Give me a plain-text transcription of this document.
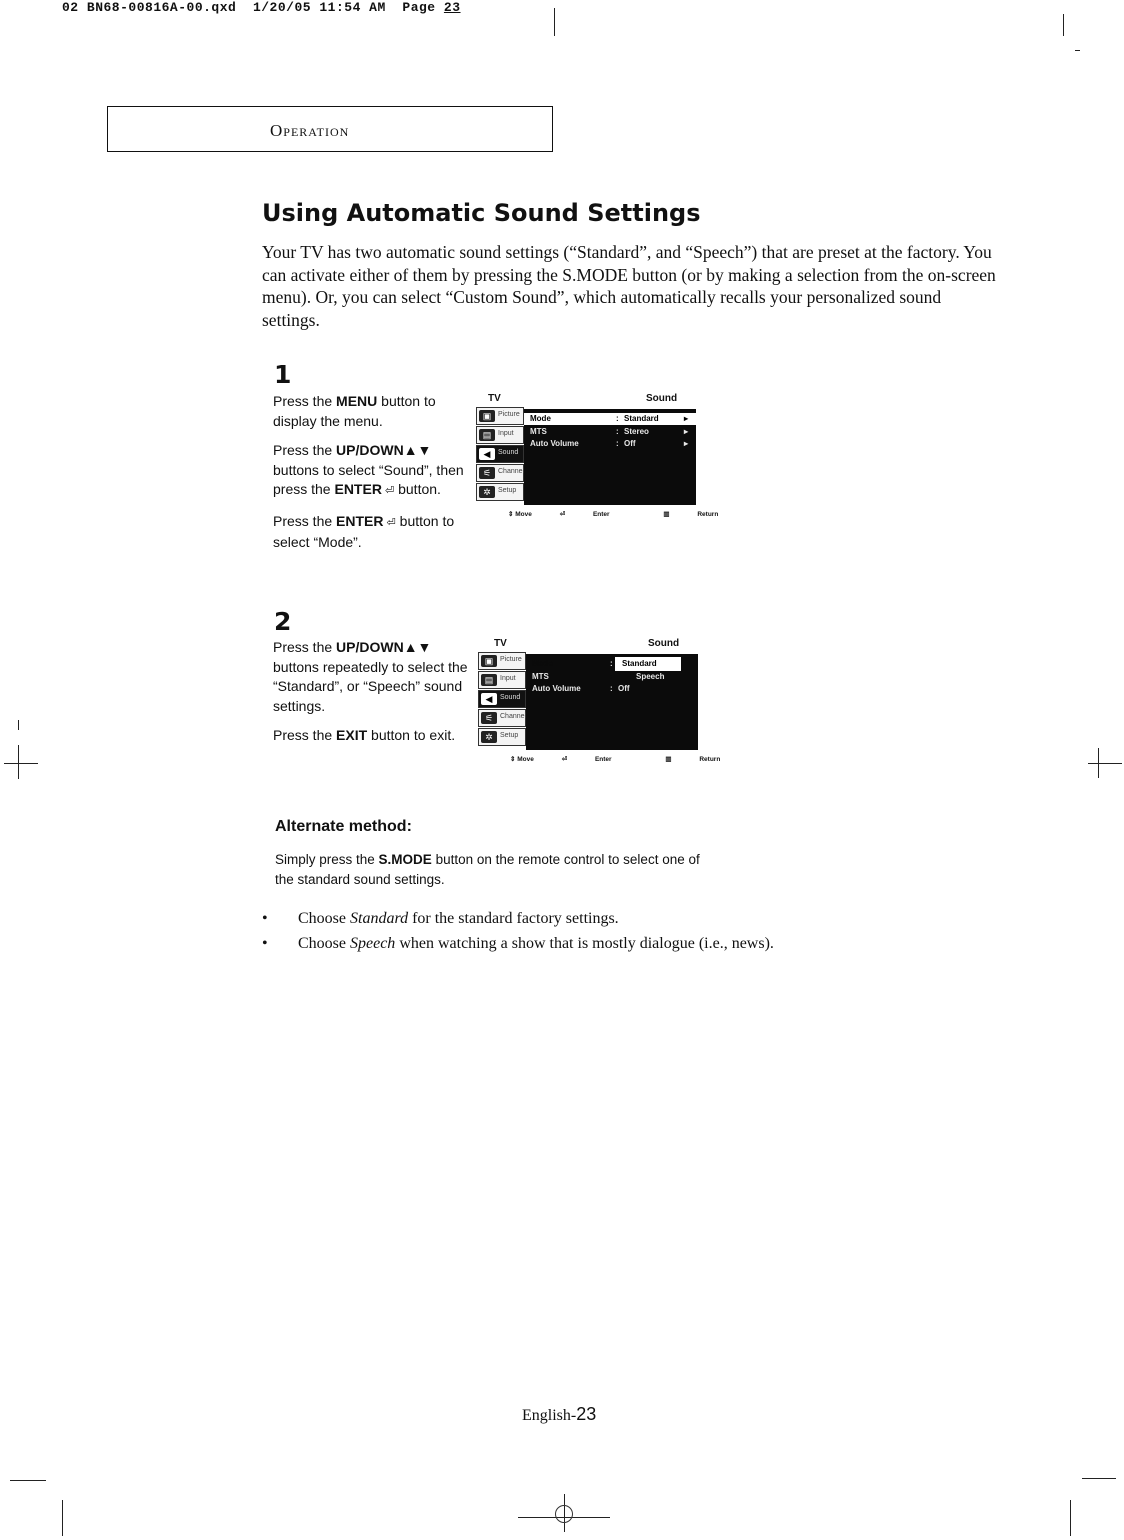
02 BN68-00816A-00.qxd 1/20/05 11:54 AM Page 23
Operation
Using Automatic Sound Settings
Your TV has two automatic sound settings (“Standard”, and “Speech”) that are preset at the factory. You can activate either of them by pressing the S.MODE button (or by making a selection from the on-screen menu). Or, you can select “Custom Sound”, which automatically recalls your personalized sound settings.
1

Press the MENU button to display the menu.

Press the UP/DOWN▲▼ buttons to select “Sound”, then press the ENTER ⏎ button.

Press the ENTER ⏎ button to select “Mode”.

TV	Sound
▣ Picture
▤ Input
◀	Sound
⚟ Channel
✲	Setup
Mode	: Standard	▸
MTS	: Stereo	▸
Auto Volume	: Off	▸
⇕ Move	⏎	Enter	▥	Return
2

Press the UP/DOWN▲▼ buttons repeatedly to select the “Standard”, or “Speech” sound settings.

Press the EXIT button to exit.

TV	Sound
▣ Picture
▤ Input
◀	Sound
⚟ Channel
✲	Setup
Mode	:	Standard
MTS	:	Speech
Auto Volume	: Off
⇕ Move	⏎	Enter	▥	Return
Alternate method:
Simply press the S.MODE button on the remote control to select one of the standard sound settings.
• Choose Standard for the standard factory settings.
• Choose Speech when watching a show that is mostly dialogue (i.e., news).
English-23
